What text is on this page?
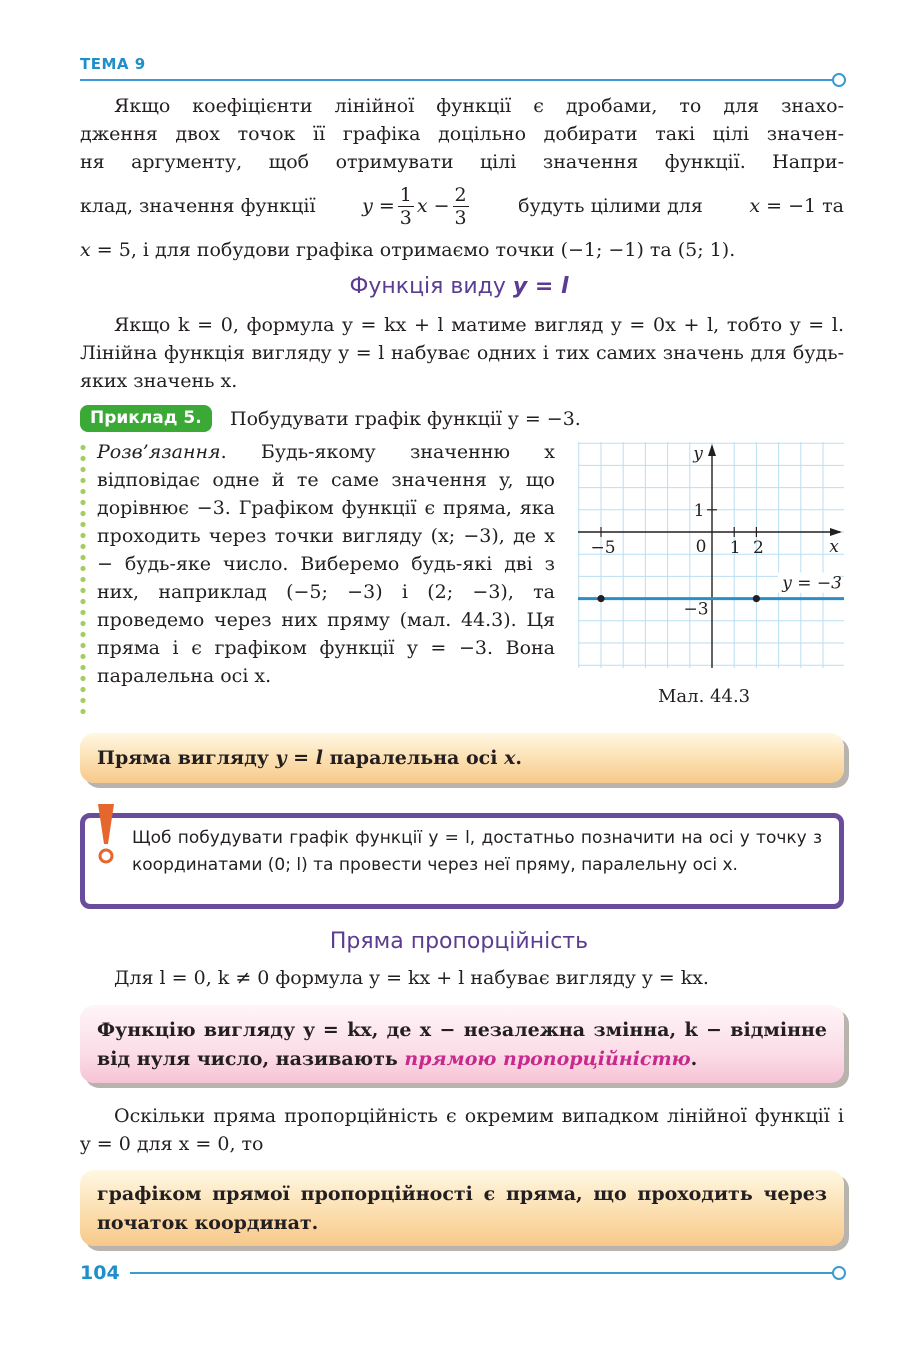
ТЕМА 9
Якщо коефіцієнти лінійної функції є дробами, то для знахо-
дження двох точок її графіка доцільно добирати такі цілі значен-
ня аргументу, щоб отримувати цілі значення функції. Напри-
клад, значення функції y
= $\frac{1}{3}$ x
− $\frac{2}{3}$	будуть цілими для x = −1 та
x = 5, і для побудови графіка отримаємо точки (−1; −1) та (5; 1).
Функція виду y = l
Якщо k = 0, формула y = kx + l матиме вигляд y = 0x + l, тобто y = l. Лінійна функція вигляду y = l набуває одних і тих самих значень для будь-яких значень x.
Приклад 5.	Побудувати графік функції y = −3.
Розв’язання. Будь-якому значенню x відповідає одне й те саме значення y, що дорівнює −3. Графіком функції є пряма, яка проходить через точки вигляду (x; −3), де x − будь-яке число. Виберемо будь-які дві з них, наприклад (−5; −3) і (2; −3), та проведемо через них пряму (мал. 44.3). Ця пряма і є графіком функції y = −3. Вона паралельна осі x.
x
y
−5	0 1 2
1
−3
y = −3
Мал. 44.3
Пряма вигляду y = l паралельна осі x.
Щоб побудувати графік функції y = l, достатньо позначити на осі y точку з координатами (0; l) та провести через неї пряму, паралельну осі x.
Пряма пропорційність
Для l = 0, k ≠ 0 формула y = kx + l набуває вигляду y = kx.
Функцію вигляду y = kx, де x − незалежна змінна, k − відмінне від нуля число, називають прямою пропорційністю.
Оскільки пряма пропорційність є окремим випадком лінійної функції і y = 0 для x = 0, то
графіком прямої пропорційності є пряма, що проходить через початок координат.
104
